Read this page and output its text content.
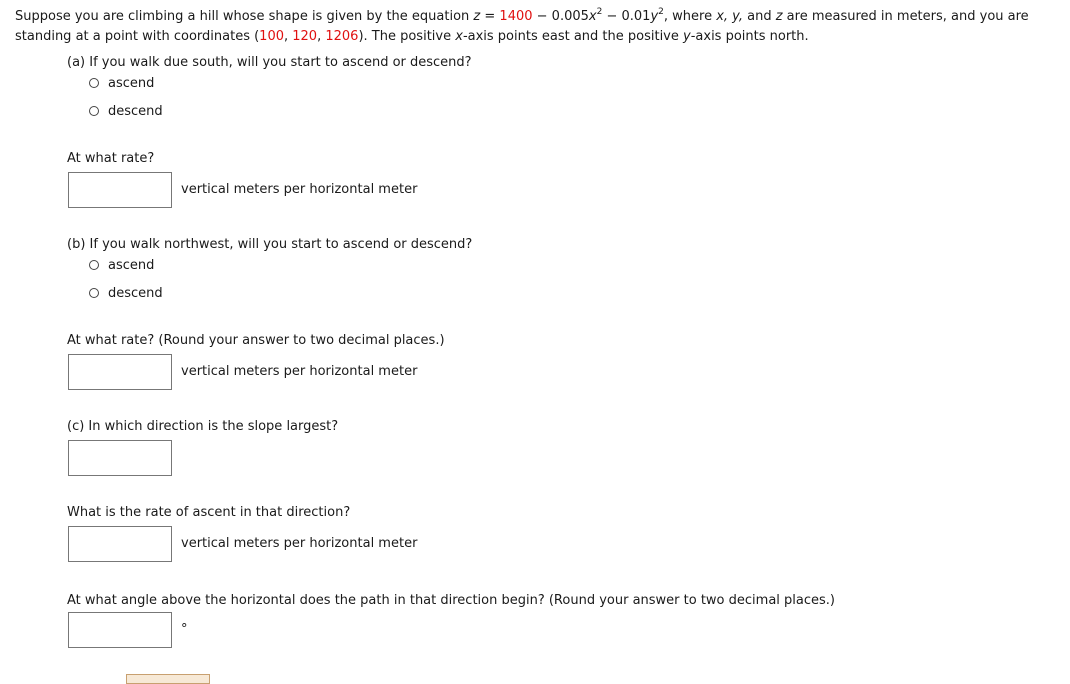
Suppose you are climbing a hill whose shape is given by the equation $z = 1400 - 0.005x^2 - 0.01y^2$, where x, y, and z are measured in meters, and you are
standing at a point with coordinates (100, 120, 1206). The positive x-axis points east and the positive y-axis points north.
(a) If you walk due south, will you start to ascend or descend?
ascend
descend
At what rate?
vertical meters per horizontal meter
(b) If you walk northwest, will you start to ascend or descend?
ascend
descend
At what rate? (Round your answer to two decimal places.)
vertical meters per horizontal meter
(c) In which direction is the slope largest?
What is the rate of ascent in that direction?
vertical meters per horizontal meter
At what angle above the horizontal does the path in that direction begin? (Round your answer to two decimal places.)
°
